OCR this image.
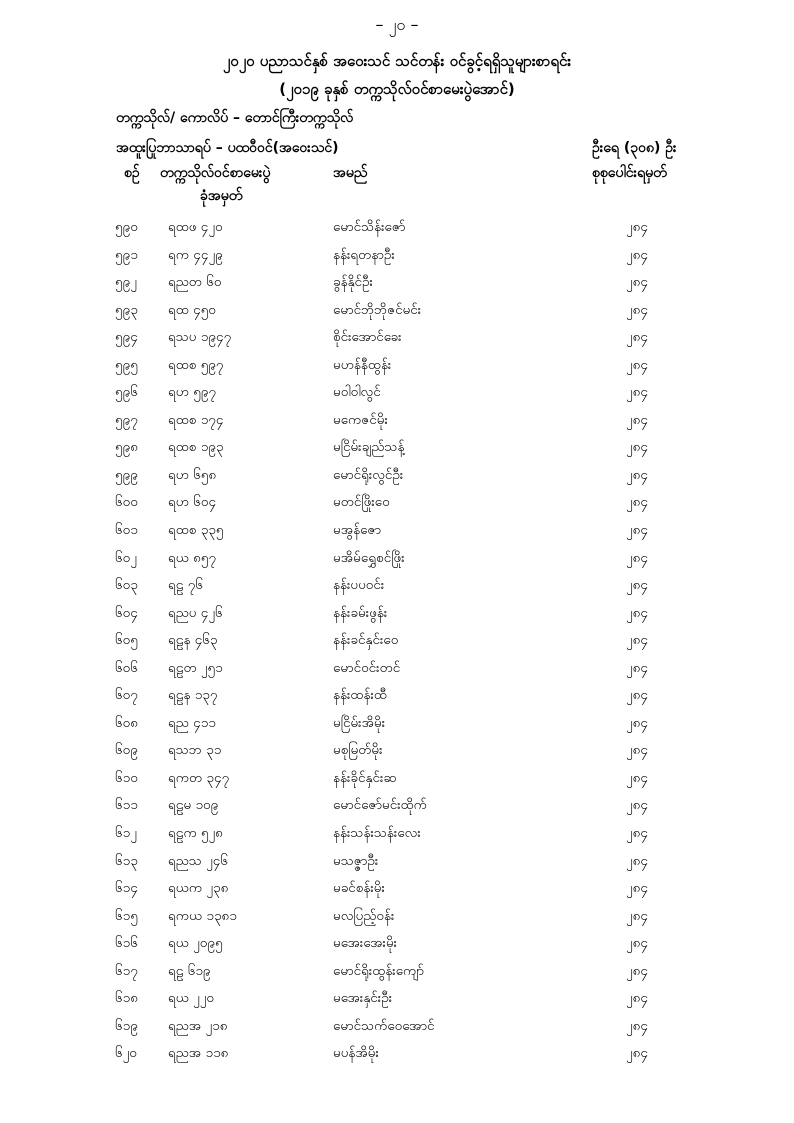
– ၂၀ –
၂၀၂၀ ပညာသင်နှစ် အဝေးသင် သင်တန်း ဝင်ခွင့်ရရှိသူများစာရင်း
(၂၀၁၉ ခုနှစ် တက္ကသိုလ်ဝင်စာမေးပွဲအောင်)
တက္ကသိုလ်/ ကောလိပ် – တောင်ကြီးတက္ကသိုလ်
အထူးပြုဘာသာရပ် – ပထဝီဝင်(အဝေးသင်)	ဦးရေ (၃၀၈) ဦး
စဉ် တက္ကသိုလ်ဝင်စာမေးပွဲ
ခုံအမှတ်
အမည်	စုစုပေါင်းရမှတ်
၅၉၀ ရထဖ ၄၂၀	မောင်သိန်းဇော်	၂၈၄
၅၉၁ ရက ၄၄၂၉	နန်းရတနာဦး	၂၈၄
၅၉၂ ရညတ ၆၀	ခွန်နိုင်ဦး	၂၈၄
၅၉၃ ရထ ၄၅၀	မောင်ဘိုဘိုဇင်မင်း	၂၈၄
၅၉၄ ရသပ ၁၉၄၇	စိုင်းအောင်ခေး	၂၈၄
၅၉၅ ရထစ ၅၉၇	မဟန်နီထွန်း	၂၈၄
၅၉၆ ရဟ ၅၉၇	မဝါဝါလွင်	၂၈၄
၅၉၇ ရထစ ၁၇၄	မကေဇင်မိုး	၂၈၄
၅၉၈ ရထစ ၁၉၃	မငြိမ်းချည်သန့်	၂၈၄
၅၉၉ ရဟ ၆၅၈	မောင်ရိုးလွင်ဦး	၂၈၄
၆၀၀ ရဟ ၆၀၄	မတင်ဖြိုးဝေ	၂၈၄
၆၀၁ ရထစ ၃၃၅	မအွန်ဇော	၂၈၄
၆၀၂ ရယ ၈၅၇	မအိမ်ရွှေစင်ဖြိုး	၂၈၄
၆၀၃ ရဠ ၇၆	နန်းပပဝင်း	၂၈၄
၆၀၄ ရညပ ၄၂၆	နန်းခမ်းဖွန်း	၂၈၄
၆၀၅ ရဠန ၄၆၃	နန်းခင်နှင်းဝေ	၂၈၄
၆၀၆ ရဠတ ၂၅၁	မောင်ဝင်းတင်	၂၈၄
၆၀၇ ရဠန ၁၃၇	နန်းထန်းထီ	၂၈၄
၆၀၈ ရည ၄၁၁	မငြိမ်းအိမိုး	၂၈၄
၆၀၉ ရသဘ ၃၁	မစုမြတ်မိုး	၂၈၄
၆၁၀ ရကတ ၃၄၇	နန်းခိုင်နှင်းဆ	၂၈၄
၆၁၁ ရဠမ ၁၀၉	မောင်ဇော်မင်းထိုက်	၂၈၄
၆၁၂ ရဠက ၅၂၈	နန်းသန်းသန်းလေး	၂၈၄
၆၁၃ ရညသ ၂၄၆	မသဇ္ဇာဦး	၂၈၄
၆၁၄ ရယက ၂၃၈	မခင်စန်းမိုး	၂၈၄
၆၁၅ ရကယ ၁၃၈၁	မလပြည့်ဝန်း	၂၈၄
၆၁၆ ရယ ၂၀၉၅	မအေးအေးမိုး	၂၈၄
၆၁၇ ရဠ ၆၁၉	မောင်ရိုးထွန်းကျော်	၂၈၄
၆၁၈ ရယ ၂၂၀	မအေးနှင်းဦး	၂၈၄
၆၁၉ ရညအ ၂၁၈	မောင်သက်ဝေအောင်	၂၈၄
၆၂၀ ရညအ ၁၁၈	မပန်အိမိုး	၂၈၄
